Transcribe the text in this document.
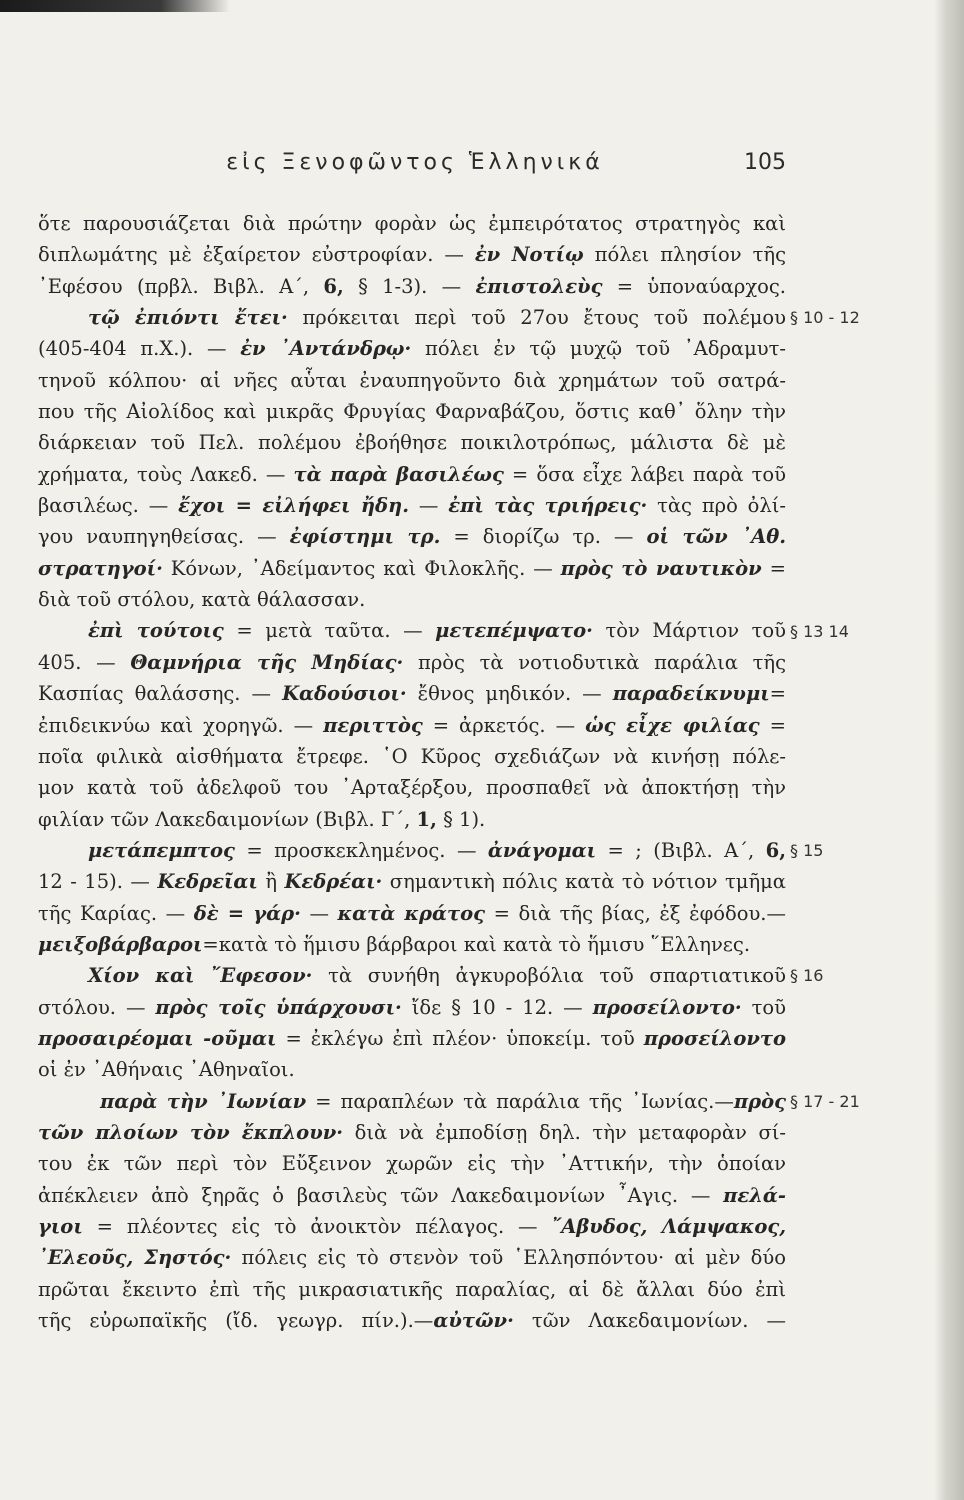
εἰς Ξενοφῶντος Ἑλληνικά	105
ὅτε παρουσιάζεται διὰ πρώτην φορὰν ὡς ἐμπειρότατος στρατηγὸς καὶ
διπλωμάτης μὲ ἐξαίρετον εὐστροφίαν. — ἐν Νοτίῳ πόλει πλησίον τῆς
᾿Εφέσου (πρβλ. Βιβλ. Α΄, 6, § 1-3). — ἐπιστολεὺς = ὑποναύαρχος.
τῷ ἐπιόντι ἔτει· πρόκειται περὶ τοῦ 27ου ἔτους τοῦ πολέμου
(405-404 π.Χ.). — ἐν ᾿Αντάνδρῳ· πόλει ἐν τῷ μυχῷ τοῦ ᾿Αδραμυτ-
τηνοῦ κόλπου· αἱ νῆες αὗται ἐναυπηγοῦντο διὰ χρημάτων τοῦ σατρά-
που τῆς Αἰολίδος καὶ μικρᾶς Φρυγίας Φαρναβάζου, ὅστις καθ᾿ ὅλην τὴν
διάρκειαν τοῦ Πελ. πολέμου ἐβοήθησε ποικιλοτρόπως, μάλιστα δὲ μὲ
χρήματα, τοὺς Λακεδ. — τὰ παρὰ βασιλέως = ὅσα εἶχε λάβει παρὰ τοῦ
βασιλέως. — ἔχοι = εἰλήφει ἤδη. — ἐπὶ τὰς τριήρεις· τὰς πρὸ ὀλί-
γου ναυπηγηθείσας. — ἐφίστημι τρ. = διορίζω τρ. — οἱ τῶν ᾿Αθ.
στρατηγοί· Κόνων, ᾿Αδείμαντος καὶ Φιλοκλῆς. — πρὸς τὸ ναυτικὸν =
διὰ τοῦ στόλου, κατὰ θάλασσαν.
ἐπὶ τούτοις = μετὰ ταῦτα. — μετεπέμψατο· τὸν Μάρτιον τοῦ
405. — Θαμνήρια τῆς Μηδίας· πρὸς τὰ νοτιοδυτικὰ παράλια τῆς
Κασπίας θαλάσσης. — Καδούσιοι· ἔθνος μηδικόν. — παραδείκνυμι=
ἐπιδεικνύω καὶ χορηγῶ. — περιττὸς = ἀρκετός. — ὡς εἶχε φιλίας =
ποῖα φιλικὰ αἰσθήματα ἔτρεφε. ῾Ο Κῦρος σχεδιάζων νὰ κινήσῃ πόλε-
μον κατὰ τοῦ ἀδελφοῦ του ᾿Αρταξέρξου, προσπαθεῖ νὰ ἀποκτήσῃ τὴν
φιλίαν τῶν Λακεδαιμονίων (Βιβλ. Γ΄, 1, § 1).
μετάπεμπτος = προσκεκλημένος. — ἀνάγομαι = ; (Βιβλ. Α΄, 6,
12 - 15). — Κεδρεῖαι ἢ Κεδρέαι· σημαντικὴ πόλις κατὰ τὸ νότιον τμῆμα
τῆς Καρίας. — δὲ = γάρ· — κατὰ κράτος = διὰ τῆς βίας, ἐξ ἐφόδου.—
μειξοβάρβαροι=κατὰ τὸ ἥμισυ βάρβαροι καὶ κατὰ τὸ ἥμισυ ῞Ελληνες.
Χίον καὶ ῎Εφεσον· τὰ συνήθη ἀγκυροβόλια τοῦ σπαρτιατικοῦ
στόλου. — πρὸς τοῖς ὑπάρχουσι· ἴδε § 10 - 12. — προσείλοντο· τοῦ
προσαιρέομαι -οῦμαι = ἐκλέγω ἐπὶ πλέον· ὑποκείμ. τοῦ προσείλοντο
οἱ ἐν ᾿Αθήναις ᾿Αθηναῖοι.
παρὰ τὴν ᾿Ιωνίαν = παραπλέων τὰ παράλια τῆς ᾿Ιωνίας.—πρὸς
τῶν πλοίων τὸν ἔκπλουν· διὰ νὰ ἐμποδίσῃ δηλ. τὴν μεταφορὰν σί-
του ἐκ τῶν περὶ τὸν Εὔξεινον χωρῶν εἰς τὴν ᾿Αττικήν, τὴν ὁποίαν
ἀπέκλειεν ἀπὸ ξηρᾶς ὁ βασιλεὺς τῶν Λακεδαιμονίων ῏Αγις. — πελά-
γιοι = πλέοντες εἰς τὸ ἀνοικτὸν πέλαγος. — ῎Αβυδος, Λάμψακος,
᾿Ελεοῦς, Σηστός· πόλεις εἰς τὸ στενὸν τοῦ ῾Ελλησπόντου· αἱ μὲν δύο
πρῶται ἔκειντο ἐπὶ τῆς μικρασιατικῆς παραλίας, αἱ δὲ ἄλλαι δύο ἐπὶ
τῆς εὐρωπαϊκῆς (ἴδ. γεωγρ. πίν.).—αὐτῶν· τῶν Λακεδαιμονίων. —
§ 10 - 12
§ 13 14
§ 15
§ 16
§ 17 - 21
